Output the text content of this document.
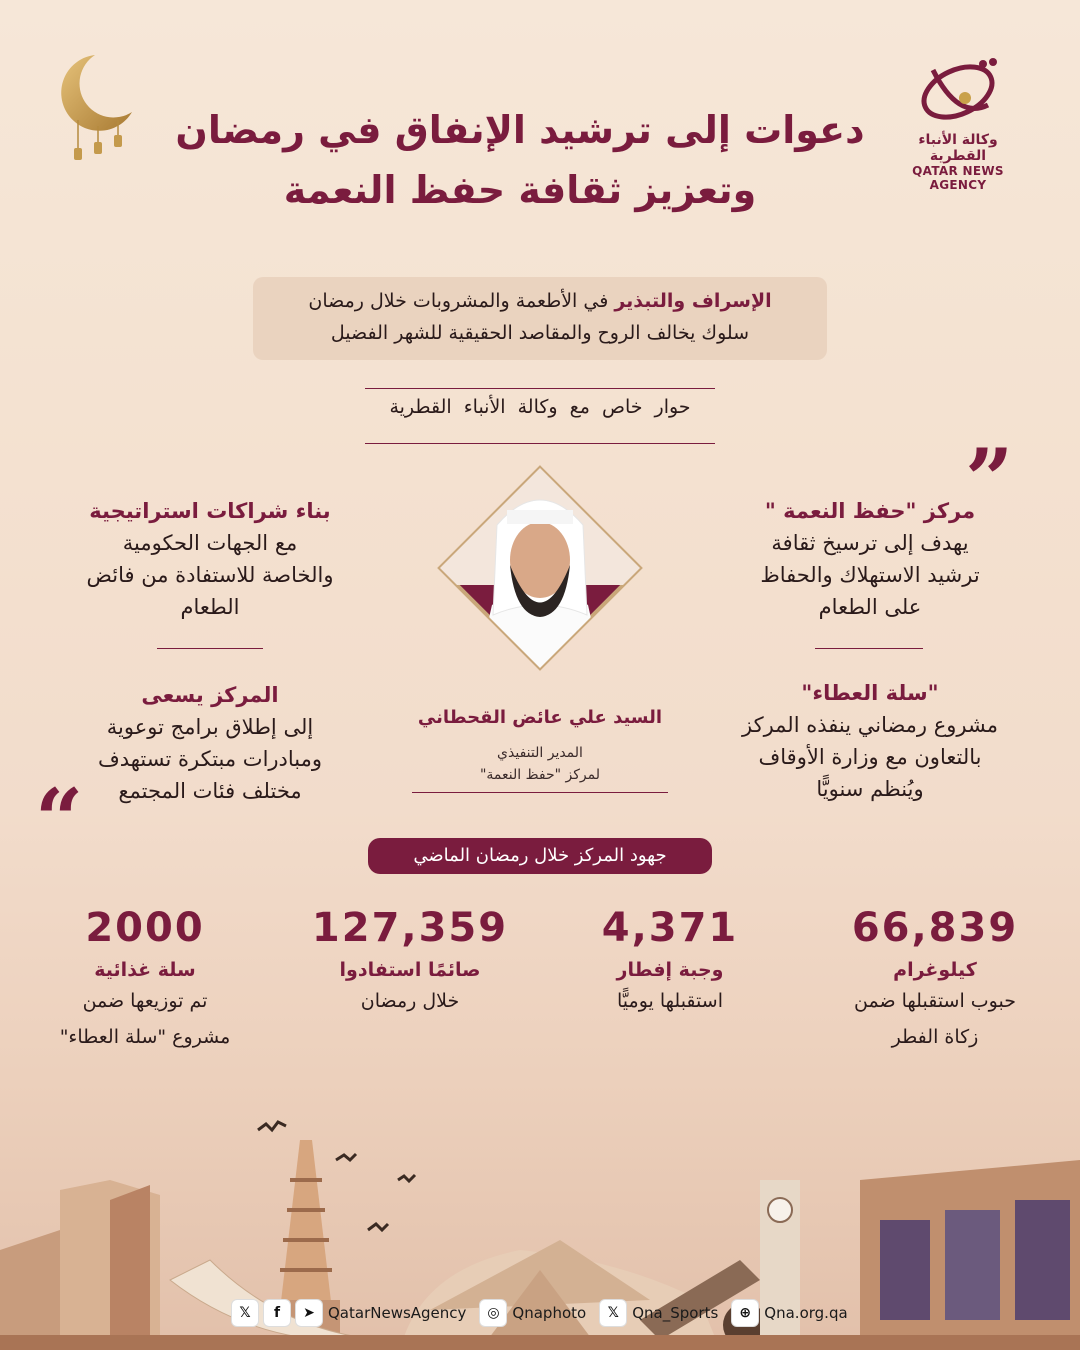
وكالة الأنباء القطرية
QATAR NEWS AGENCY
دعوات إلى ترشيد الإنفاق في رمضان
وتعزيز ثقافة حفظ النعمة
الإسراف والتبذير في الأطعمة والمشروبات خلال رمضان
سلوك يخالف الروح والمقاصد الحقيقية للشهر الفضيل
حوار خاص مع وكالة الأنباء القطرية
”
“
مركز "حفظ النعمة "
يهدف إلى ترسيخ ثقافة
ترشيد الاستهلاك والحفاظ
على الطعام
"سلة العطاء"
مشروع رمضاني ينفذه المركز
بالتعاون مع وزارة الأوقاف
ويُنظم سنويًّا
بناء شراكات استراتيجية
مع الجهات الحكومية
والخاصة للاستفادة من فائض
الطعام
المركز يسعى
إلى إطلاق برامج توعوية
ومبادرات مبتكرة تستهدف
مختلف فئات المجتمع
السيد علي عائض القحطاني
المدير التنفيذي
لمركز "حفظ النعمة"
جهود المركز خلال رمضان الماضي
66,839
كيلوغرام
حبوب استقبلها ضمن
زكاة الفطر
4,371
وجبة إفطار
استقبلها يوميًّا
127,359
صائمًا استفادوا
خلال رمضان
2000
سلة غذائية
تم توزيعها ضمن
مشروع "سلة العطاء"
𝕏	f	➤ QatarNewsAgency	◎ Qnaphoto	𝕏 Qna_Sports	⊕ Qna.org.qa
